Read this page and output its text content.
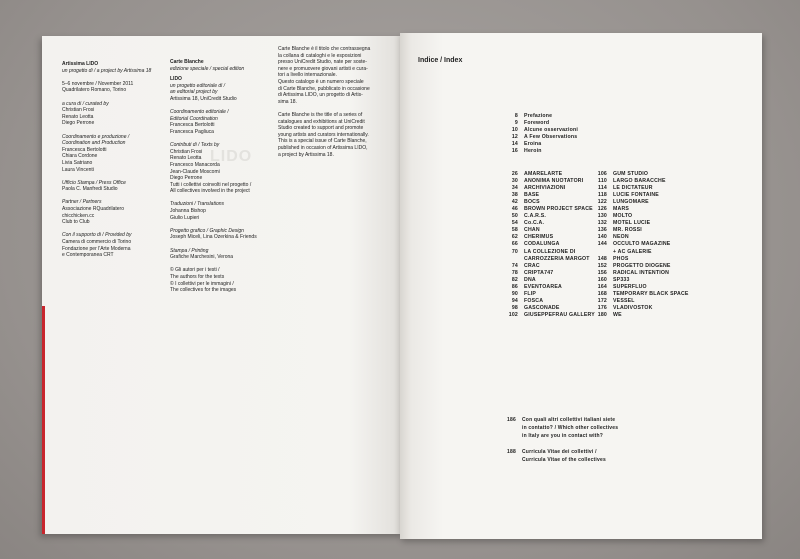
LIDO
Artissima LIDO
un progetto di / a project by Artissima 18
5–6 novembre / November 2011
Quadrilatero Romano, Torino
a cura di / curated by
Christian Frosi
Renato Leotta
Diego Perrone
Coordinamento e produzione /
Coordination and Production
Francesca Bertolotti
Chiara Cordone
Livia Satriano
Laura Vincenti
Ufficio Stampa / Press Office
Paola C. Manfredi Studio
Partner / Partners
Associazione RQuadrilatero
chicchicken.cc
Club to Club
Con il supporto di / Provided by
Camera di commercio di Torino
Fondazione per l'Arte Moderna
e Contemporanea CRT
Carte Blanche
edizione speciale / special edition
LIDO
un progetto editoriale di /
an editorial project by
Artissima 18, UniCredit Studio
Coordinamento editoriale /
Editorial Coordination
Francesca Bertolotti
Francesca Pagliuca
Contributi di / Texts by
Christian Frosi
Renato Leotta
Francesco Manacorda
Jean-Claude Moscomi
Diego Perrone
Tutti i collettivi coinvolti nel progetto /
All collectives involved in the project
Traduzioni / Translations
Johanna Bishop
Giulio Lupieri
Progetto grafico / Graphic Design
Joseph Miceli, Lina Ozerkina & Friends
Stampa / Printing
Grafiche Marchesini, Verona
© Gli autori per i testi /
The authors for the texts
© I collettivi per le immagini /
The collectives for the images
Carte Blanche è il titolo che contrassegna
la collana di cataloghi e le esposizioni
presso UniCredit Studio, nate per soste-
nere e promuovere giovani artisti e cura-
tori a livello internazionale.
Questo catalogo è un numero speciale
di Carte Blanche, pubblicato in occasione
di Artissima LIDO, un progetto di Artis-
sima 18.
Carte Blanche is the title of a series of
catalogues and exhibitions at UniCredit
Studio created to support and promote
young artists and curators internationally.
This is a special issue of Carte Blanche,
published in occasion of Artissima LIDO,
a project by Artissima 18.
Indice / Index
8	Prefazione
9	Foreword
10	Alcune osservazioni
12	A Few Observations
14	Eroina
16	Heroin
26	AMARELARTE
30	ANONIMA NUOTATORI
34	ARCHIVIAZIONI
38	BASE
42	BOCS
46	BROWN PROJECT SPACE
50	C.A.R.S.
54	Co.C.A.
58	CHAN
62	CHERIMUS
66	CODALUNGA
70	LA COLLEZIONE DI
CARROZZERIA MARGOT
74	CRAC
78	CRIPTA747
82	DNA
86	EVENTOAREA
90	FLIP
94	FOSCA
98	GASCONADE
102	GIUSEPPEFRAU GALLERY
106	GUM STUDIO
110	LARGO BARACCHE
114	LE DICTATEUR
118	LUCIE FONTAINE
122	LUNGOMARE
126	MARS
130	MOLTO
132	MOTEL LUCIE
136	MR. ROSSI
140	NEON
144	OCCULTO MAGAZINE
+ AC GALERIE
148	PHOS
152	PROGETTO DIOGENE
156	RADICAL INTENTION
160	SP333
164	SUPERFLUO
168	TEMPORARY BLACK SPACE
172	VESSEL
176	VLADIVOSTOK
180	WE
186	Con quali altri collettivi italiani siete
in contatto? / Which other collectives
in Italy are you in contact with?
188	Curricula Vitae dei collettivi /
Curricula Vitae of the collectives
